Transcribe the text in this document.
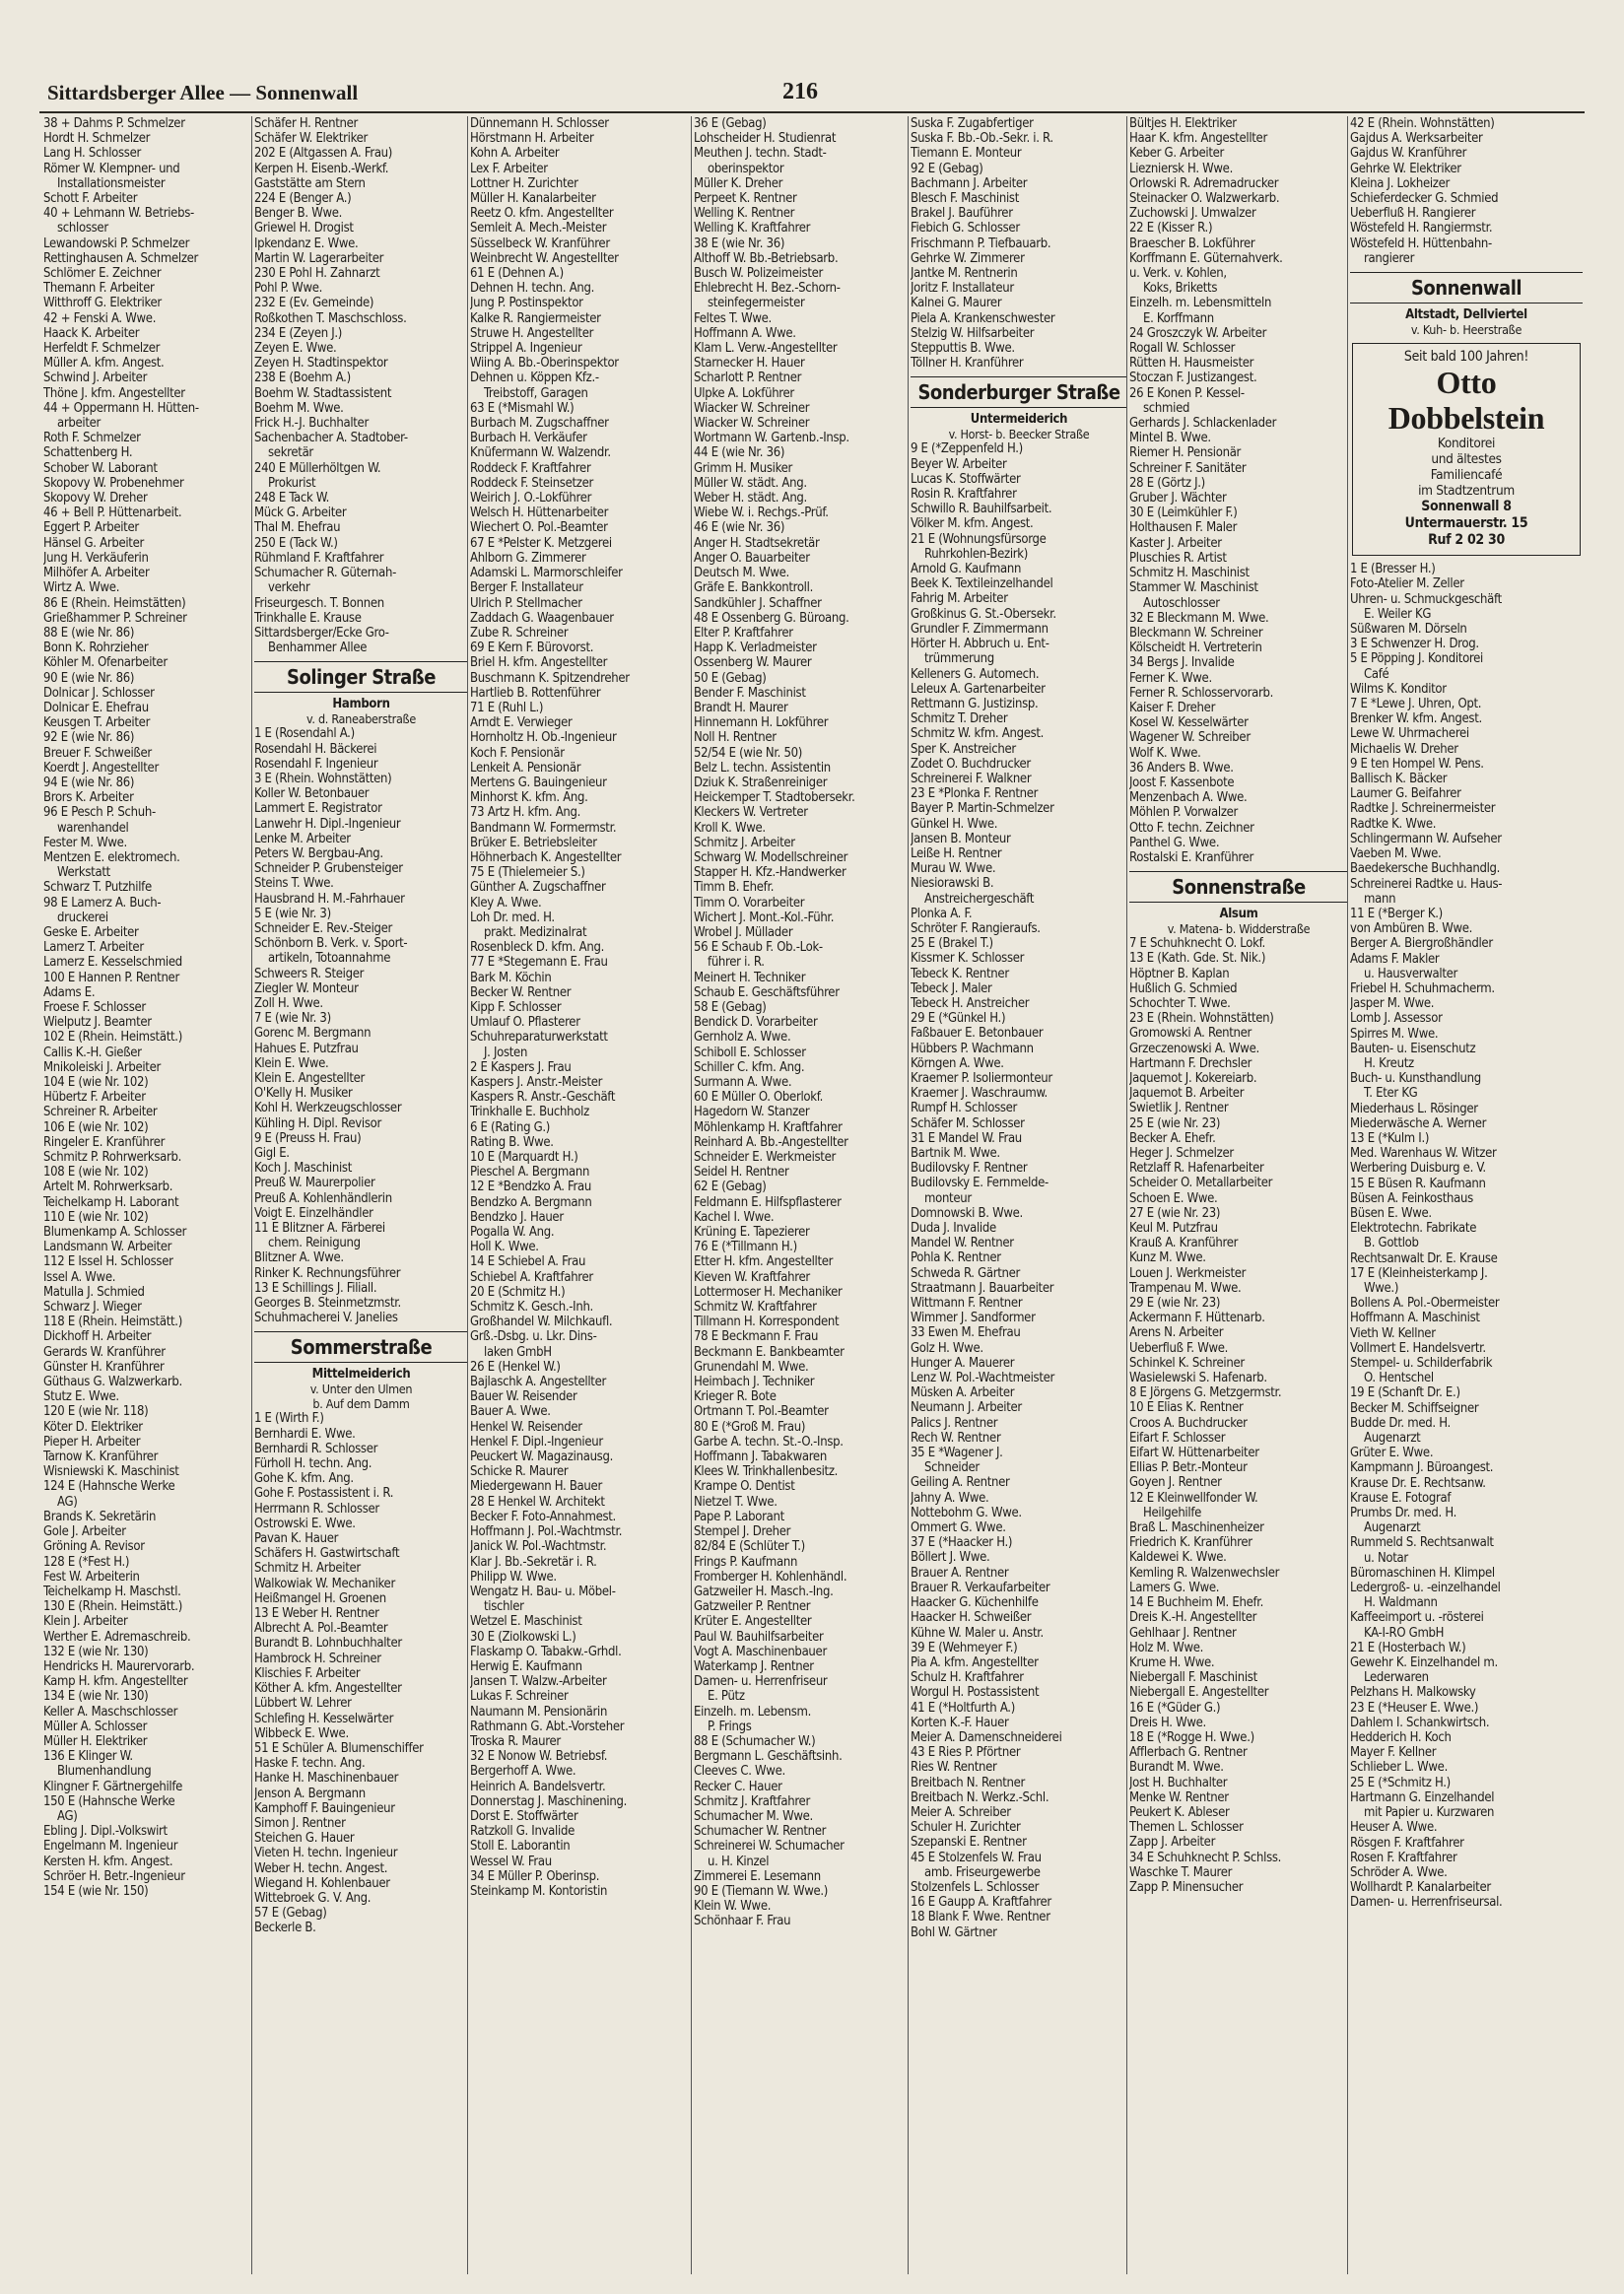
Sittardsberger Allee — Sonnenwall	216
38 + Dahms P. Schmelzer
Hordt H. Schmelzer
Lang H. Schlosser
Römer W. Klempner- und
Installationsmeister
Schott F. Arbeiter
40 + Lehmann W. Betriebs-
schlosser
Lewandowski P. Schmelzer
Rettinghausen A. Schmelzer
Schlömer E. Zeichner
Themann F. Arbeiter
Witthroff G. Elektriker
42 + Fenski A. Wwe.
Haack K. Arbeiter
Herfeldt F. Schmelzer
Müller A. kfm. Angest.
Schwind J. Arbeiter
Thöne J. kfm. Angestellter
44 + Oppermann H. Hütten-
arbeiter
Roth F. Schmelzer
Schattenberg H.
Schober W. Laborant
Skopovy W. Probenehmer
Skopovy W. Dreher
46 + Bell P. Hüttenarbeit.
Eggert P. Arbeiter
Hänsel G. Arbeiter
Jung H. Verkäuferin
Milhöfer A. Arbeiter
Wirtz A. Wwe.
86 E (Rhein. Heimstätten)
Grießhammer P. Schreiner
88 E (wie Nr. 86)
Bonn K. Rohrzieher
Köhler M. Ofenarbeiter
90 E (wie Nr. 86)
Dolnicar J. Schlosser
Dolnicar E. Ehefrau
Keusgen T. Arbeiter
92 E (wie Nr. 86)
Breuer F. Schweißer
Koerdt J. Angestellter
94 E (wie Nr. 86)
Brors K. Arbeiter
96 E Pesch P. Schuh-
warenhandel
Fester M. Wwe.
Mentzen E. elektromech.
Werkstatt
Schwarz T. Putzhilfe
98 E Lamerz A. Buch-
druckerei
Geske E. Arbeiter
Lamerz T. Arbeiter
Lamerz E. Kesselschmied
100 E Hannen P. Rentner
Adams E.
Froese F. Schlosser
Wielputz J. Beamter
102 E (Rhein. Heimstätt.)
Callis K.-H. Gießer
Mnikoleiski J. Arbeiter
104 E (wie Nr. 102)
Hübertz F. Arbeiter
Schreiner R. Arbeiter
106 E (wie Nr. 102)
Ringeler E. Kranführer
Schmitz P. Rohrwerksarb.
108 E (wie Nr. 102)
Artelt M. Rohrwerksarb.
Teichelkamp H. Laborant
110 E (wie Nr. 102)
Blumenkamp A. Schlosser
Landsmann W. Arbeiter
112 E Issel H. Schlosser
Issel A. Wwe.
Matulla J. Schmied
Schwarz J. Wieger
118 E (Rhein. Heimstätt.)
Dickhoff H. Arbeiter
Gerards W. Kranführer
Günster H. Kranführer
Güthaus G. Walzwerkarb.
Stutz E. Wwe.
120 E (wie Nr. 118)
Köter D. Elektriker
Pieper H. Arbeiter
Tarnow K. Kranführer
Wisniewski K. Maschinist
124 E (Hahnsche Werke
AG)
Brands K. Sekretärin
Gole J. Arbeiter
Gröning A. Revisor
128 E (*Fest H.)
Fest W. Arbeiterin
Teichelkamp H. Maschstl.
130 E (Rhein. Heimstätt.)
Klein J. Arbeiter
Werther E. Adremaschreib.
132 E (wie Nr. 130)
Hendricks H. Maurervorarb.
Kamp H. kfm. Angestellter
134 E (wie Nr. 130)
Keller A. Maschschlosser
Müller A. Schlosser
Müller H. Elektriker
136 E Klinger W.
Blumenhandlung
Klingner F. Gärtnergehilfe
150 E (Hahnsche Werke
AG)
Ebling J. Dipl.-Volkswirt
Engelmann M. Ingenieur
Kersten H. kfm. Angest.
Schröer H. Betr.-Ingenieur
154 E (wie Nr. 150)
Schäfer H. Rentner
Schäfer W. Elektriker
202 E (Altgassen A. Frau)
Kerpen H. Eisenb.-Werkf.
Gaststätte am Stern
224 E (Benger A.)
Benger B. Wwe.
Griewel H. Drogist
Ipkendanz E. Wwe.
Martin W. Lagerarbeiter
230 E Pohl H. Zahnarzt
Pohl P. Wwe.
232 E (Ev. Gemeinde)
Roßkothen T. Maschschloss.
234 E (Zeyen J.)
Zeyen E. Wwe.
Zeyen H. Stadtinspektor
238 E (Boehm A.)
Boehm W. Stadtassistent
Boehm M. Wwe.
Frick H.-J. Buchhalter
Sachenbacher A. Stadtober-
sekretär
240 E Müllerhöltgen W.
Prokurist
248 E Tack W.
Mück G. Arbeiter
Thal M. Ehefrau
250 E (Tack W.)
Rühmland F. Kraftfahrer
Schumacher R. Güternah-
verkehr
Friseurgesch. T. Bonnen
Trinkhalle E. Krause
Sittardsberger/Ecke Gro-
Benhammer Allee
Solinger Straße
Hamborn
v. d. Raneaberstraße
1 E (Rosendahl A.)
Rosendahl H. Bäckerei
Rosendahl F. Ingenieur
3 E (Rhein. Wohnstätten)
Koller W. Betonbauer
Lammert E. Registrator
Lanwehr H. Dipl.-Ingenieur
Lenke M. Arbeiter
Peters W. Bergbau-Ang.
Schneider P. Grubensteiger
Steins T. Wwe.
Hausbrand H. M.-Fahrhauer
5 E (wie Nr. 3)
Schneider E. Rev.-Steiger
Schönborn B. Verk. v. Sport-
artikeln, Totoannahme
Schweers R. Steiger
Ziegler W. Monteur
Zoll H. Wwe.
7 E (wie Nr. 3)
Gorenc M. Bergmann
Hahues E. Putzfrau
Klein E. Wwe.
Klein E. Angestellter
O'Kelly H. Musiker
Kohl H. Werkzeugschlosser
Kühling H. Dipl. Revisor
9 E (Preuss H. Frau)
Gigl E.
Koch J. Maschinist
Preuß W. Maurerpolier
Preuß A. Kohlenhändlerin
Voigt E. Einzelhändler
11 E Blitzner A. Färberei
chem. Reinigung
Blitzner A. Wwe.
Rinker K. Rechnungsführer
13 E Schillings J. Filiall.
Georges B. Steinmetzmstr.
Schuhmacherei V. Janelies
Sommerstraße
Mittelmeiderich
v. Unter den Ulmen
b. Auf dem Damm
1 E (Wirth F.)
Bernhardi E. Wwe.
Bernhardi R. Schlosser
Fürholl H. techn. Ang.
Gohe K. kfm. Ang.
Gohe F. Postassistent i. R.
Herrmann R. Schlosser
Ostrowski E. Wwe.
Pavan K. Hauer
Schäfers H. Gastwirtschaft
Schmitz H. Arbeiter
Walkowiak W. Mechaniker
Heißmangel H. Groenen
13 E Weber H. Rentner
Albrecht A. Pol.-Beamter
Burandt B. Lohnbuchhalter
Hambrock H. Schreiner
Klischies F. Arbeiter
Köther A. kfm. Angestellter
Lübbert W. Lehrer
Schlefing H. Kesselwärter
Wibbeck E. Wwe.
51 E Schüler A. Blumenschiffer
Haske F. techn. Ang.
Hanke H. Maschinenbauer
Jenson A. Bergmann
Kamphoff F. Bauingenieur
Simon J. Rentner
Steichen G. Hauer
Vieten H. techn. Ingenieur
Weber H. techn. Angest.
Wiegand H. Kohlenbauer
Wittebroek G. V. Ang.
57 E (Gebag)
Beckerle B.
Dünnemann H. Schlosser
Hörstmann H. Arbeiter
Kohn A. Arbeiter
Lex F. Arbeiter
Lottner H. Zurichter
Müller H. Kanalarbeiter
Reetz O. kfm. Angestellter
Semleit A. Mech.-Meister
Süsselbeck W. Kranführer
Weinbrecht W. Angestellter
61 E (Dehnen A.)
Dehnen H. techn. Ang.
Jung P. Postinspektor
Kalke R. Rangiermeister
Struwe H. Angestellter
Strippel A. Ingenieur
Wiing A. Bb.-Oberinspektor
Dehnen u. Köppen Kfz.-
Treibstoff, Garagen
63 E (*Mismahl W.)
Burbach M. Zugschaffner
Burbach H. Verkäufer
Knüfermann W. Walzendr.
Roddeck F. Kraftfahrer
Roddeck F. Steinsetzer
Weirich J. O.-Lokführer
Welsch H. Hüttenarbeiter
Wiechert O. Pol.-Beamter
67 E *Pelster K. Metzgerei
Ahlborn G. Zimmerer
Adamski L. Marmorschleifer
Berger F. Installateur
Ulrich P. Stellmacher
Zaddach G. Waagenbauer
Zube R. Schreiner
69 E Kern F. Bürovorst.
Briel H. kfm. Angestellter
Buschmann K. Spitzendreher
Hartlieb B. Rottenführer
71 E (Ruhl L.)
Arndt E. Verwieger
Hornholtz H. Ob.-Ingenieur
Koch F. Pensionär
Lenkeit A. Pensionär
Mertens G. Bauingenieur
Minhorst K. kfm. Ang.
73 Artz H. kfm. Ang.
Bandmann W. Formermstr.
Brüker E. Betriebsleiter
Höhnerbach K. Angestellter
75 E (Thielemeier S.)
Günther A. Zugschaffner
Kley A. Wwe.
Loh Dr. med. H.
prakt. Medizinalrat
Rosenbleck D. kfm. Ang.
77 E *Stegemann E. Frau
Bark M. Köchin
Becker W. Rentner
Kipp F. Schlosser
Umlauf O. Pflasterer
Schuhreparaturwerkstatt
J. Josten
2 E Kaspers J. Frau
Kaspers J. Anstr.-Meister
Kaspers R. Anstr.-Geschäft
Trinkhalle E. Buchholz
6 E (Rating G.)
Rating B. Wwe.
10 E (Marquardt H.)
Pieschel A. Bergmann
12 E *Bendzko A. Frau
Bendzko A. Bergmann
Bendzko J. Hauer
Pogalla W. Ang.
Holl K. Wwe.
14 E Schiebel A. Frau
Schiebel A. Kraftfahrer
20 E (Schmitz H.)
Schmitz K. Gesch.-Inh.
Großhandel W. Milchkaufl.
Grß.-Dsbg. u. Lkr. Dins-
laken GmbH
26 E (Henkel W.)
Bajlaschk A. Angestellter
Bauer W. Reisender
Bauer A. Wwe.
Henkel W. Reisender
Henkel F. Dipl.-Ingenieur
Peuckert W. Magazinausg.
Schicke R. Maurer
Miedergewann H. Bauer
28 E Henkel W. Architekt
Becker F. Foto-Annahmest.
Hoffmann J. Pol.-Wachtmstr.
Janick W. Pol.-Wachtmstr.
Klar J. Bb.-Sekretär i. R.
Philipp W. Wwe.
Wengatz H. Bau- u. Möbel-
tischler
Wetzel E. Maschinist
30 E (Ziolkowski L.)
Flaskamp O. Tabakw.-Grhdl.
Herwig E. Kaufmann
Jansen T. Walzw.-Arbeiter
Lukas F. Schreiner
Naumann M. Pensionärin
Rathmann G. Abt.-Vorsteher
Troska R. Maurer
32 E Nonow W. Betriebsf.
Bergerhoff A. Wwe.
Heinrich A. Bandelsvertr.
Donnerstag J. Maschinening.
Dorst E. Stoffwärter
Ratzkoll G. Invalide
Stoll E. Laborantin
Wessel W. Frau
34 E Müller P. Oberinsp.
Steinkamp M. Kontoristin
36 E (Gebag)
Lohscheider H. Studienrat
Meuthen J. techn. Stadt-
oberinspektor
Müller K. Dreher
Perpeet K. Rentner
Welling K. Rentner
Welling K. Kraftfahrer
38 E (wie Nr. 36)
Althoff W. Bb.-Betriebsarb.
Busch W. Polizeimeister
Ehlebrecht H. Bez.-Schorn-
steinfegermeister
Feltes T. Wwe.
Hoffmann A. Wwe.
Klam L. Verw.-Angestellter
Starnecker H. Hauer
Scharlott P. Rentner
Ulpke A. Lokführer
Wiacker W. Schreiner
Wiacker W. Schreiner
Wortmann W. Gartenb.-Insp.
44 E (wie Nr. 36)
Grimm H. Musiker
Müller W. städt. Ang.
Weber H. städt. Ang.
Wiebe W. i. Rechgs.-Prüf.
46 E (wie Nr. 36)
Anger H. Stadtsekretär
Anger O. Bauarbeiter
Deutsch M. Wwe.
Gräfe E. Bankkontroll.
Sandkühler J. Schaffner
48 E Ossenberg G. Büroang.
Elter P. Kraftfahrer
Happ K. Verladmeister
Ossenberg W. Maurer
50 E (Gebag)
Bender F. Maschinist
Brandt H. Maurer
Hinnemann H. Lokführer
Noll H. Rentner
52/54 E (wie Nr. 50)
Belz L. techn. Assistentin
Dziuk K. Straßenreiniger
Heickemper T. Stadtobersekr.
Kleckers W. Vertreter
Kroll K. Wwe.
Schmitz J. Arbeiter
Schwarg W. Modellschreiner
Stapper H. Kfz.-Handwerker
Timm B. Ehefr.
Timm O. Vorarbeiter
Wichert J. Mont.-Kol.-Führ.
Wrobel J. Müllader
56 E Schaub F. Ob.-Lok-
führer i. R.
Meinert H. Techniker
Schaub E. Geschäftsführer
58 E (Gebag)
Bendick D. Vorarbeiter
Gernholz A. Wwe.
Schiboll E. Schlosser
Schiller C. kfm. Ang.
Surmann A. Wwe.
60 E Müller O. Oberlokf.
Hagedorn W. Stanzer
Möhlenkamp H. Kraftfahrer
Reinhard A. Bb.-Angestellter
Schneider E. Werkmeister
Seidel H. Rentner
62 E (Gebag)
Feldmann E. Hilfspflasterer
Kachel I. Wwe.
Krüning E. Tapezierer
76 E (*Tillmann H.)
Etter H. kfm. Angestellter
Kieven W. Kraftfahrer
Lottermoser H. Mechaniker
Schmitz W. Kraftfahrer
Tillmann H. Korrespondent
78 E Beckmann F. Frau
Beckmann E. Bankbeamter
Grunendahl M. Wwe.
Heimbach J. Techniker
Krieger R. Bote
Ortmann T. Pol.-Beamter
80 E (*Groß M. Frau)
Garbe A. techn. St.-O.-Insp.
Hoffmann J. Tabakwaren
Klees W. Trinkhallenbesitz.
Krampe O. Dentist
Nietzel T. Wwe.
Pape P. Laborant
Stempel J. Dreher
82/84 E (Schlüter T.)
Frings P. Kaufmann
Fromberger H. Kohlenhändl.
Gatzweiler H. Masch.-Ing.
Gatzweiler P. Rentner
Krüter E. Angestellter
Paul W. Bauhilfsarbeiter
Vogt A. Maschinenbauer
Waterkamp J. Rentner
Damen- u. Herrenfriseur
E. Pütz
Einzelh. m. Lebensm.
P. Frings
88 E (Schumacher W.)
Bergmann L. Geschäftsinh.
Cleeves C. Wwe.
Recker C. Hauer
Schmitz J. Kraftfahrer
Schumacher M. Wwe.
Schumacher W. Rentner
Schreinerei W. Schumacher
u. H. Kinzel
Zimmerei E. Lesemann
90 E (Tiemann W. Wwe.)
Klein W. Wwe.
Schönhaar F. Frau
Suska F. Zugabfertiger
Suska F. Bb.-Ob.-Sekr. i. R.
Tiemann E. Monteur
92 E (Gebag)
Bachmann J. Arbeiter
Blesch F. Maschinist
Brakel J. Bauführer
Fiebich G. Schlosser
Frischmann P. Tiefbauarb.
Gehrke W. Zimmerer
Jantke M. Rentnerin
Joritz F. Installateur
Kalnei G. Maurer
Piela A. Krankenschwester
Stelzig W. Hilfsarbeiter
Stepputtis B. Wwe.
Töllner H. Kranführer
Sonderburger Straße
Untermeiderich
v. Horst- b. Beecker Straße
9 E (*Zeppenfeld H.)
Beyer W. Arbeiter
Lucas K. Stoffwärter
Rosin R. Kraftfahrer
Schwillo R. Bauhilfsarbeit.
Völker M. kfm. Angest.
21 E (Wohnungsfürsorge
Ruhrkohlen-Bezirk)
Arnold G. Kaufmann
Beek K. Textileinzelhandel
Fahrig M. Arbeiter
Großkinus G. St.-Obersekr.
Grundler F. Zimmermann
Hörter H. Abbruch u. Ent-
trümmerung
Kelleners G. Automech.
Leleux A. Gartenarbeiter
Rettmann G. Justizinsp.
Schmitz T. Dreher
Schmitz W. kfm. Angest.
Sper K. Anstreicher
Zodet O. Buchdrucker
Schreinerei F. Walkner
23 E *Plonka F. Rentner
Bayer P. Martin-Schmelzer
Günkel H. Wwe.
Jansen B. Monteur
Leiße H. Rentner
Murau W. Wwe.
Niesiorawski B.
Anstreichergeschäft
Plonka A. F.
Schröter F. Rangieraufs.
25 E (Brakel T.)
Kissmer K. Schlosser
Tebeck K. Rentner
Tebeck J. Maler
Tebeck H. Anstreicher
29 E (*Günkel H.)
Faßbauer E. Betonbauer
Hübbers P. Wachmann
Körngen A. Wwe.
Kraemer P. Isoliermonteur
Kraemer J. Waschraumw.
Rumpf H. Schlosser
Schäfer M. Schlosser
31 E Mandel W. Frau
Bartnik M. Wwe.
Budilovsky F. Rentner
Budilovsky E. Fernmelde-
monteur
Domnowski B. Wwe.
Duda J. Invalide
Mandel W. Rentner
Pohla K. Rentner
Schweda R. Gärtner
Straatmann J. Bauarbeiter
Wittmann F. Rentner
Wimmer J. Sandformer
33 Ewen M. Ehefrau
Golz H. Wwe.
Hunger A. Mauerer
Lenz W. Pol.-Wachtmeister
Müsken A. Arbeiter
Neumann J. Arbeiter
Palics J. Rentner
Rech W. Rentner
35 E *Wagener J.
Schneider
Geiling A. Rentner
Jahny A. Wwe.
Nottebohm G. Wwe.
Ommert G. Wwe.
37 E (*Haacker H.)
Böllert J. Wwe.
Brauer A. Rentner
Brauer R. Verkaufarbeiter
Haacker G. Küchenhilfe
Haacker H. Schweißer
Kühne W. Maler u. Anstr.
39 E (Wehmeyer F.)
Pia A. kfm. Angestellter
Schulz H. Kraftfahrer
Worgul H. Postassistent
41 E (*Holtfurth A.)
Korten K.-F. Hauer
Meier A. Damenschneiderei
43 E Ries P. Pförtner
Ries W. Rentner
Breitbach N. Rentner
Breitbach N. Werkz.-Schl.
Meier A. Schreiber
Schuler H. Zurichter
Szepanski E. Rentner
45 E Stolzenfels W. Frau
amb. Friseurgewerbe
Stolzenfels L. Schlosser
16 E Gaupp A. Kraftfahrer
18 Blank F. Wwe. Rentner
Bohl W. Gärtner
Bültjes H. Elektriker
Haar K. kfm. Angestellter
Keber G. Arbeiter
Liezniersk H. Wwe.
Orlowski R. Adremadrucker
Steinacker O. Walzwerkarb.
Zuchowski J. Umwalzer
22 E (Kisser R.)
Braescher B. Lokführer
Korffmann E. Güternahverk.
u. Verk. v. Kohlen,
Koks, Briketts
Einzelh. m. Lebensmitteln
E. Korffmann
24 Groszczyk W. Arbeiter
Rogall W. Schlosser
Rütten H. Hausmeister
Stoczan F. Justizangest.
26 E Konen P. Kessel-
schmied
Gerhards J. Schlackenlader
Mintel B. Wwe.
Riemer H. Pensionär
Schreiner F. Sanitäter
28 E (Görtz J.)
Gruber J. Wächter
30 E (Leimkühler F.)
Holthausen F. Maler
Kaster J. Arbeiter
Pluschies R. Artist
Schmitz H. Maschinist
Stammer W. Maschinist
Autoschlosser
32 E Bleckmann M. Wwe.
Bleckmann W. Schreiner
Kölscheidt H. Vertreterin
34 Bergs J. Invalide
Ferner K. Wwe.
Ferner R. Schlosservorarb.
Kaiser F. Dreher
Kosel W. Kesselwärter
Wagener W. Schreiber
Wolf K. Wwe.
36 Anders B. Wwe.
Joost F. Kassenbote
Menzenbach A. Wwe.
Möhlen P. Vorwalzer
Otto F. techn. Zeichner
Panthel G. Wwe.
Rostalski E. Kranführer
Sonnenstraße
Alsum
v. Matena- b. Widderstraße
7 E Schuhknecht O. Lokf.
13 E (Kath. Gde. St. Nik.)
Höptner B. Kaplan
Hußlich G. Schmied
Schochter T. Wwe.
23 E (Rhein. Wohnstätten)
Gromowski A. Rentner
Grzeczenowski A. Wwe.
Hartmann F. Drechsler
Jaquemot J. Kokereiarb.
Jaquemot B. Arbeiter
Swietlik J. Rentner
25 E (wie Nr. 23)
Becker A. Ehefr.
Heger J. Schmelzer
Retzlaff R. Hafenarbeiter
Scheider O. Metallarbeiter
Schoen E. Wwe.
27 E (wie Nr. 23)
Keul M. Putzfrau
Krauß A. Kranführer
Kunz M. Wwe.
Louen J. Werkmeister
Trampenau M. Wwe.
29 E (wie Nr. 23)
Ackermann F. Hüttenarb.
Arens N. Arbeiter
Ueberfluß F. Wwe.
Schinkel K. Schreiner
Wasielewski S. Hafenarb.
8 E Jörgens G. Metzgermstr.
10 E Elias K. Rentner
Croos A. Buchdrucker
Eifart F. Schlosser
Eifart W. Hüttenarbeiter
Ellias P. Betr.-Monteur
Goyen J. Rentner
12 E Kleinwellfonder W.
Heilgehilfe
Braß L. Maschinenheizer
Friedrich K. Kranführer
Kaldewei K. Wwe.
Kemling R. Walzenwechsler
Lamers G. Wwe.
14 E Buchheim M. Ehefr.
Dreis K.-H. Angestellter
Gehlhaar J. Rentner
Holz M. Wwe.
Krume H. Wwe.
Niebergall F. Maschinist
Niebergall E. Angestellter
16 E (*Güder G.)
Dreis H. Wwe.
18 E (*Rogge H. Wwe.)
Afflerbach G. Rentner
Burandt M. Wwe.
Jost H. Buchhalter
Menke W. Rentner
Peukert K. Ableser
Themen L. Schlosser
Zapp J. Arbeiter
34 E Schuhknecht P. Schlss.
Waschke T. Maurer
Zapp P. Minensucher
42 E (Rhein. Wohnstätten)
Gajdus A. Werksarbeiter
Gajdus W. Kranführer
Gehrke W. Elektriker
Kleina J. Lokheizer
Schieferdecker G. Schmied
Ueberfluß H. Rangierer
Wöstefeld H. Rangiermstr.
Wöstefeld H. Hüttenbahn-
rangierer
Sonnenwall
Altstadt, Dellviertel
v. Kuh- b. Heerstraße
Seit bald 100 Jahren!
Otto
Dobbelstein
Konditorei
und ältestes
Familiencafé
im Stadtzentrum
Sonnenwall 8
Untermauerstr. 15
Ruf 2 02 30
1 E (Bresser H.)
Foto-Atelier M. Zeller
Uhren- u. Schmuckgeschäft
E. Weiler KG
Süßwaren M. Dörseln
3 E Schwenzer H. Drog.
5 E Pöpping J. Konditorei
Café
Wilms K. Konditor
7 E *Lewe J. Uhren, Opt.
Brenker W. kfm. Angest.
Lewe W. Uhrmacherei
Michaelis W. Dreher
9 E ten Hompel W. Pens.
Ballisch K. Bäcker
Laumer G. Beifahrer
Radtke J. Schreinermeister
Radtke K. Wwe.
Schlingermann W. Aufseher
Vaeben M. Wwe.
Baedekersche Buchhandlg.
Schreinerei Radtke u. Haus-
mann
11 E (*Berger K.)
von Ambüren B. Wwe.
Berger A. Biergroßhändler
Adams F. Makler
u. Hausverwalter
Friebel H. Schuhmacherm.
Jasper M. Wwe.
Lomb J. Assessor
Spirres M. Wwe.
Bauten- u. Eisenschutz
H. Kreutz
Buch- u. Kunsthandlung
T. Eter KG
Miederhaus L. Rösinger
Miederwäsche A. Werner
13 E (*Kulm I.)
Med. Warenhaus W. Witzer
Werbering Duisburg e. V.
15 E Büsen R. Kaufmann
Büsen A. Feinkosthaus
Büsen E. Wwe.
Elektrotechn. Fabrikate
B. Gottlob
Rechtsanwalt Dr. E. Krause
17 E (Kleinheisterkamp J.
Wwe.)
Bollens A. Pol.-Obermeister
Hoffmann A. Maschinist
Vieth W. Kellner
Vollmert E. Handelsvertr.
Stempel- u. Schilderfabrik
O. Hentschel
19 E (Schanft Dr. E.)
Becker M. Schiffseigner
Budde Dr. med. H.
Augenarzt
Grüter E. Wwe.
Kampmann J. Büroangest.
Krause Dr. E. Rechtsanw.
Krause E. Fotograf
Prumbs Dr. med. H.
Augenarzt
Rummeld S. Rechtsanwalt
u. Notar
Büromaschinen H. Klimpel
Ledergroß- u. -einzelhandel
H. Waldmann
Kaffeeimport u. -rösterei
KA-I-RO GmbH
21 E (Hosterbach W.)
Gewehr K. Einzelhandel m.
Lederwaren
Pelzhans H. Malkowsky
23 E (*Heuser E. Wwe.)
Dahlem I. Schankwirtsch.
Hedderich H. Koch
Mayer F. Kellner
Schlieber L. Wwe.
25 E (*Schmitz H.)
Hartmann G. Einzelhandel
mit Papier u. Kurzwaren
Heuser A. Wwe.
Rösgen F. Kraftfahrer
Rosen F. Kraftfahrer
Schröder A. Wwe.
Wollhardt P. Kanalarbeiter
Damen- u. Herrenfriseursal.
